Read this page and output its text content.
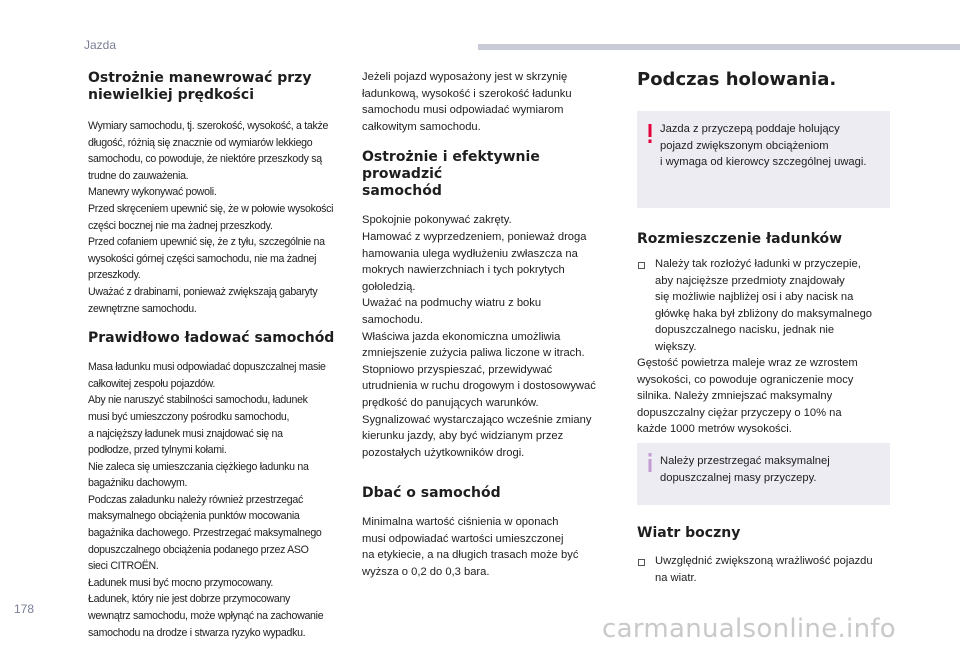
Jazda
Ostrożnie manewrować przy
niewielkiej prędkości

Wymiary samochodu, tj. szerokość, wysokość, a także
długość, różnią się znacznie od wymiarów lekkiego
samochodu, co powoduje, że niektóre przeszkody są
trudne do zauważenia.
Manewry wykonywać powoli.
Przed skręceniem upewnić się, że w połowie wysokości
części bocznej nie ma żadnej przeszkody.
Przed cofaniem upewnić się, że z tyłu, szczególnie na
wysokości górnej części samochodu, nie ma żadnej
przeszkody.
Uważać z drabinami, ponieważ zwiększają gabaryty
zewnętrzne samochodu.

Prawidłowo ładować samochód

Masa ładunku musi odpowiadać dopuszczalnej masie
całkowitej zespołu pojazdów.
Aby nie naruszyć stabilności samochodu, ładunek
musi być umieszczony pośrodku samochodu,
a najcięższy ładunek musi znajdować się na
podłodze, przed tylnymi kołami.
Nie zaleca się umieszczania ciężkiego ładunku na
bagażniku dachowym.
Podczas załadunku należy również przestrzegać
maksymalnego obciążenia punktów mocowania
bagażnika dachowego. Przestrzegać maksymalnego
dopuszczalnego obciążenia podanego przez ASO
sieci CITROËN.
Ładunek musi być mocno przymocowany.
Ładunek, który nie jest dobrze przymocowany
wewnątrz samochodu, może wpłynąć na zachowanie
samochodu na drodze i stwarza ryzyko wypadku.

Jeżeli pojazd wyposażony jest w skrzynię
ładunkową, wysokość i szerokość ładunku
samochodu musi odpowiadać wymiarom
całkowitym samochodu.

Ostrożnie i efektywnie prowadzić
samochód

Spokojnie pokonywać zakręty.
Hamować z wyprzedzeniem, ponieważ droga
hamowania ulega wydłużeniu zwłaszcza na
mokrych nawierzchniach i tych pokrytych
gołoledzią.
Uważać na podmuchy wiatru z boku
samochodu.
Właściwa jazda ekonomiczna umożliwia
zmniejszenie zużycia paliwa liczone w itrach.
Stopniowo przyspieszać, przewidywać
utrudnienia w ruchu drogowym i dostosowywać
prędkość do panujących warunków.
Sygnalizować wystarczająco wcześnie zmiany
kierunku jazdy, aby być widzianym przez
pozostałych użytkowników drogi.

Dbać o samochód

Minimalna wartość ciśnienia w oponach
musi odpowiadać wartości umieszczonej
na etykiecie, a na długich trasach może być
wyższa o 0,2 do 0,3 bara.

Podczas holowania.
Jazda z przyczepą poddaje holujący
pojazd zwiększonym obciążeniom
i wymaga od kierowcy szczególnej uwagi.
Rozmieszczenie ładunków
Należy tak rozłożyć ładunki w przyczepie,
aby najcięższe przedmioty znajdowały
się możliwie najbliżej osi i aby nacisk na
główkę haka był zbliżony do maksymalnego
dopuszczalnego nacisku, jednak nie
większy.
Gęstość powietrza maleje wraz ze wzrostem
wysokości, co powoduje ograniczenie mocy
silnika. Należy zmniejszać maksymalny
dopuszczalny ciężar przyczepy o 10% na
każde 1000 metrów wysokości.
Należy przestrzegać maksymalnej
dopuszczalnej masy przyczepy.
Wiatr boczny
Uwzględnić zwiększoną wrażliwość pojazdu
na wiatr.
178
carmanualsonline.info
